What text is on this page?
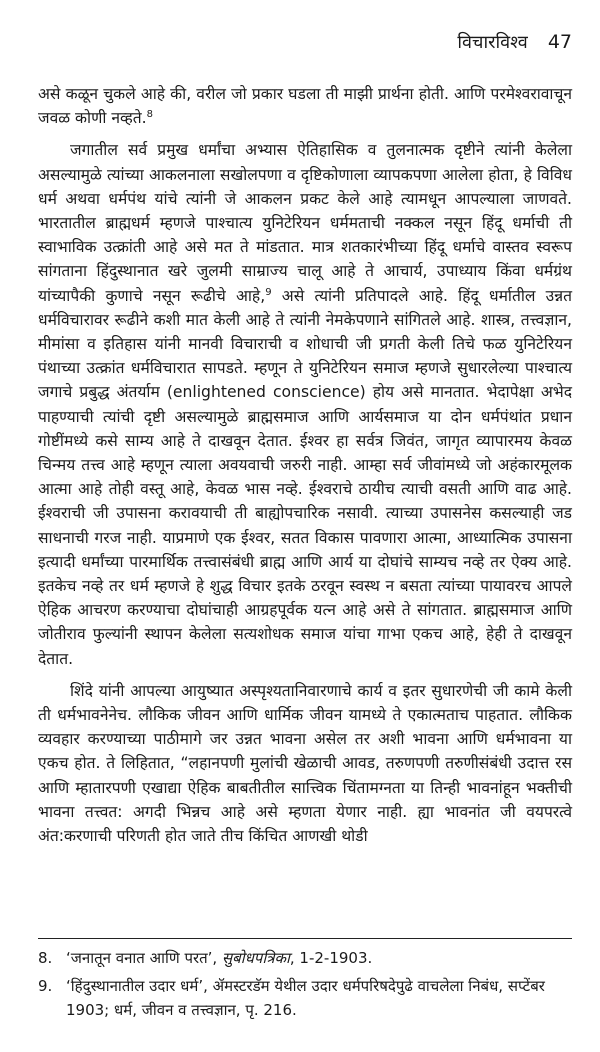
विचारविश्व 47

असे कळून चुकले आहे की, वरील जो प्रकार घडला ती माझी प्रार्थना होती. आणि परमेश्वरावाचून जवळ कोणी नव्हते.$^8$

जगातील सर्व प्रमुख धर्मांचा अभ्यास ऐतिहासिक व तुलनात्मक दृष्टीने त्यांनी केलेला असल्यामुळे त्यांच्या आकलनाला सखोलपणा व दृष्टिकोणाला व्यापकपणा आलेला होता, हे विविध धर्म अथवा धर्मपंथ यांचे त्यांनी जे आकलन प्रकट केले आहे त्यामधून आपल्याला जाणवते. भारतातील ब्राह्मधर्म म्हणजे पाश्चात्य युनिटेरियन धर्ममताची नक्कल नसून हिंदू धर्माची ती स्वाभाविक उत्क्रांती आहे असे मत ते मांडतात. मात्र शतकारंभीच्या हिंदू धर्माचे वास्तव स्वरूप सांगताना हिंदुस्थानात खरे जुलमी साम्राज्य चालू आहे ते आचार्य, उपाध्याय किंवा धर्मग्रंथ यांच्यापैकी कुणाचे नसून रूढीचे आहे,$^9$ असे त्यांनी प्रतिपादले आहे. हिंदू धर्मातील उन्नत धर्मविचारावर रूढीने कशी मात केली आहे ते त्यांनी नेमकेपणाने सांगितले आहे. शास्त्र, तत्त्वज्ञान, मीमांसा व इतिहास यांनी मानवी विचाराची व शोधाची जी प्रगती केली तिचे फळ युनिटेरियन पंथाच्या उत्क्रांत धर्मविचारात सापडते. म्हणून ते युनिटेरियन समाज म्हणजे सुधारलेल्या पाश्चात्य जगाचे प्रबुद्ध अंतर्याम (enlightened conscience) होय असे मानतात. भेदापेक्षा अभेद पाहण्याची त्यांची दृष्टी असल्यामुळे ब्राह्मसमाज आणि आर्यसमाज या दोन धर्मपंथांत प्रधान गोष्टींमध्ये कसे साम्य आहे ते दाखवून देतात. ईश्वर हा सर्वत्र जिवंत, जागृत व्यापारमय केवळ चिन्मय तत्त्व आहे म्हणून त्याला अवयवाची जरुरी नाही. आम्हा सर्व जीवांमध्ये जो अहंकारमूलक आत्मा आहे तोही वस्तू आहे, केवळ भास नव्हे. ईश्वराचे ठायीच त्याची वसती आणि वाढ आहे. ईश्वराची जी उपासना करावयाची ती बाह्योपचारिक नसावी. त्याच्या उपासनेस कसल्याही जड साधनाची गरज नाही. याप्रमाणे एक ईश्वर, सतत विकास पावणारा आत्मा, आध्यात्मिक उपासना इत्यादी धर्मांच्या पारमार्थिक तत्त्वासंबंधी ब्राह्म आणि आर्य या दोघांचे साम्यच नव्हे तर ऐक्य आहे. इतकेच नव्हे तर धर्म म्हणजे हे शुद्ध विचार इतके ठरवून स्वस्थ न बसता त्यांच्या पायावरच आपले ऐहिक आचरण करण्याचा दोघांचाही आग्रहपूर्वक यत्न आहे असे ते सांगतात. ब्राह्मसमाज आणि जोतीराव फुल्यांनी स्थापन केलेला सत्यशोधक समाज यांचा गाभा एकच आहे, हेही ते दाखवून देतात.

शिंदे यांनी आपल्या आयुष्यात अस्पृश्यतानिवारणाचे कार्य व इतर सुधारणेची जी कामे केली ती धर्मभावनेनेच. लौकिक जीवन आणि धार्मिक जीवन यामध्ये ते एकात्मताच पाहतात. लौकिक व्यवहार करण्याच्या पाठीमागे जर उन्नत भावना असेल तर अशी भावना आणि धर्मभावना या एकच होत. ते लिहितात, “लहानपणी मुलांची खेळाची आवड, तरुणपणी तरुणीसंबंधी उदात्त रस आणि म्हातारपणी एखाद्या ऐहिक बाबतीतील सात्त्विक चिंतामग्नता या तिन्ही भावनांहून भक्तीची भावना तत्त्वत: अगदी भिन्नच आहे असे म्हणता येणार नाही. ह्या भावनांत जी वयपरत्वे अंत:करणाची परिणती होत जाते तीच किंचित आणखी थोडी

8. ‘जनातून वनात आणि परत’, सुबोधपत्रिका, 1-2-1903.
9. ‘हिंदुस्थानातील उदार धर्म’, ॲमस्टरडॅम येथील उदार धर्मपरिषदेपुढे वाचलेला निबंध, सप्टेंबर 1903; धर्म, जीवन व तत्त्वज्ञान, पृ. 216.
